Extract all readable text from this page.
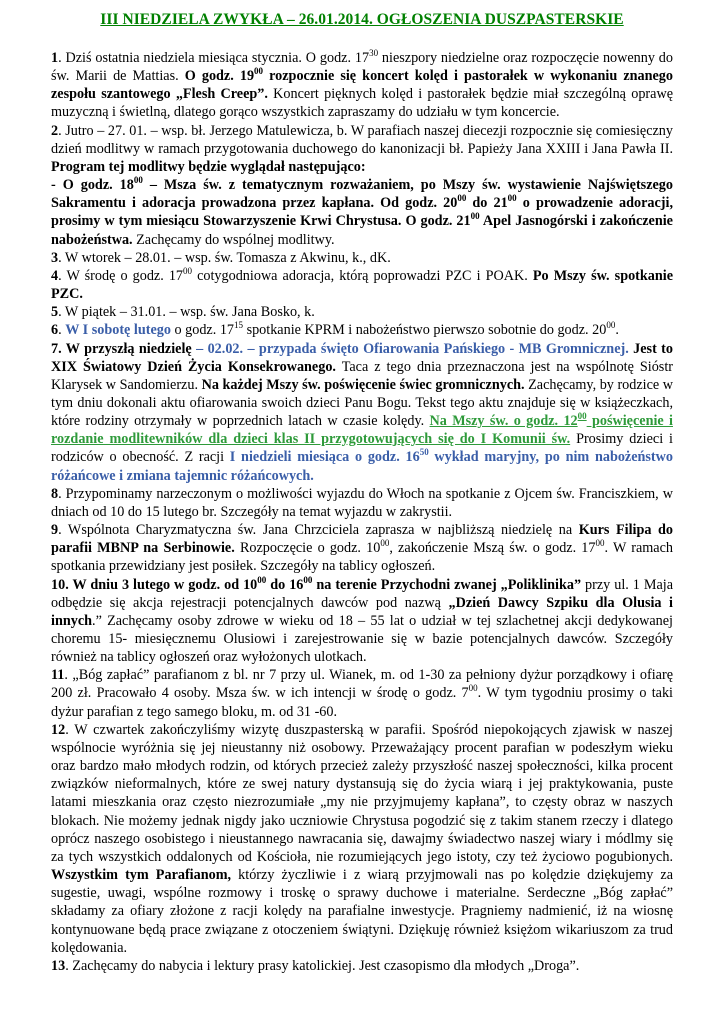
III NIEDZIELA ZWYKŁA – 26.01.2014. OGŁOSZENIA DUSZPASTERSKIE

1. Dziś ostatnia niedziela miesiąca stycznia. O godz. $17^{30}$ nieszpory niedzielne oraz rozpoczęcie nowenny do św. Marii de Mattias. O godz. $19^{00}$ rozpocznie się koncert kolęd i pastorałek w wykonaniu znanego zespołu szantowego „Flesh Creep”. Koncert pięknych kolęd i pastorałek będzie miał szczególną oprawę muzyczną i świetlną, dlatego gorąco wszystkich zapraszamy do udziału w tym koncercie.

2. Jutro – 27. 01. – wsp. bł. Jerzego Matulewicza, b. W parafiach naszej diecezji rozpocznie się comiesięczny dzień modlitwy w ramach przygotowania duchowego do kanonizacji bł. Papieży Jana XXIII i Jana Pawła II. Program tej modlitwy będzie wyglądał następująco:

- O godz. $18^{00}$ – Msza św. z tematycznym rozważaniem, po Mszy św. wystawienie Najświętszego Sakramentu i adoracja prowadzona przez kapłana. Od godz. $20^{00}$ do $21^{00}$ o prowadzenie adoracji, prosimy w tym miesiącu Stowarzyszenie Krwi Chrystusa. O godz. $21^{00}$ Apel Jasnogórski i zakończenie nabożeństwa. Zachęcamy do wspólnej modlitwy.

3. W wtorek – 28.01. – wsp. św. Tomasza z Akwinu, k., dK.

4. W środę o godz. $17^{00}$ cotygodniowa adoracja, którą poprowadzi PZC i POAK. Po Mszy św. spotkanie PZC.

5. W piątek – 31.01. – wsp. św. Jana Bosko, k.

6. W I sobotę lutego o godz. $17^{15}$ spotkanie KPRM i nabożeństwo pierwszo sobotnie do godz. $20^{00}$.

7. W przyszłą niedzielę – 02.02. – przypada święto Ofiarowania Pańskiego - MB Gromnicznej. Jest to XIX Światowy Dzień Życia Konsekrowanego. Taca z tego dnia przeznaczona jest na wspólnotę Sióstr Klarysek w Sandomierzu. Na każdej Mszy św. poświęcenie świec gromnicznych. Zachęcamy, by rodzice w tym dniu dokonali aktu ofiarowania swoich dzieci Panu Bogu. Tekst tego aktu znajduje się w książeczkach, które rodziny otrzymały w poprzednich latach w czasie kolędy. Na Mszy św. o godz. $12^{00}$ poświęcenie i rozdanie modlitewników dla dzieci klas II przygotowujących się do I Komunii św. Prosimy dzieci i rodziców o obecność. Z racji I niedzieli miesiąca o godz. $16^{50}$ wykład maryjny, po nim nabożeństwo różańcowe i zmiana tajemnic różańcowych.

8. Przypominamy narzeczonym o możliwości wyjazdu do Włoch na spotkanie z Ojcem św. Franciszkiem, w dniach od 10 do 15 lutego br. Szczegóły na temat wyjazdu w zakrystii.

9. Wspólnota Charyzmatyczna św. Jana Chrzciciela zaprasza w najbliższą niedzielę na Kurs Filipa do parafii MBNP na Serbinowie. Rozpoczęcie o godz. $10^{00}$, zakończenie Mszą św. o godz. $17^{00}$. W ramach spotkania przewidziany jest posiłek. Szczegóły na tablicy ogłoszeń.

10. W dniu 3 lutego w godz. od $10^{00}$ do $16^{00}$ na terenie Przychodni zwanej „Poliklinika” przy ul. 1 Maja odbędzie się akcja rejestracji potencjalnych dawców pod nazwą „Dzień Dawcy Szpiku dla Olusia i innych.” Zachęcamy osoby zdrowe w wieku od 18 – 55 lat o udział w tej szlachetnej akcji dedykowanej choremu 15- miesięcznemu Olusiowi i zarejestrowanie się w bazie potencjalnych dawców. Szczegóły również na tablicy ogłoszeń oraz wyłożonych ulotkach.

11. „Bóg zapłać” parafianom z bl. nr 7 przy ul. Wianek, m. od 1-30 za pełniony dyżur porządkowy i ofiarę 200 zł. Pracowało 4 osoby. Msza św. w ich intencji w środę o godz. $7^{00}$. W tym tygodniu prosimy o taki dyżur parafian z tego samego bloku, m. od 31 -60.

12. W czwartek zakończyliśmy wizytę duszpasterską w parafii. Spośród niepokojących zjawisk w naszej wspólnocie wyróżnia się jej nieustanny niż osobowy. Przeważający procent parafian w podeszłym wieku oraz bardzo mało młodych rodzin, od których przecież zależy przyszłość naszej społeczności, kilka procent związków nieformalnych, które ze swej natury dystansują się do życia wiarą i jej praktykowania, puste latami mieszkania oraz często niezrozumiałe „my nie przyjmujemy kapłana”, to częsty obraz w naszych blokach. Nie możemy jednak nigdy jako uczniowie Chrystusa pogodzić się z takim stanem rzeczy i dlatego oprócz naszego osobistego i nieustannego nawracania się, dawajmy świadectwo naszej wiary i módlmy się za tych wszystkich oddalonych od Kościoła, nie rozumiejących jego istoty, czy też życiowo pogubionych. Wszystkim tym Parafianom, którzy życzliwie i z wiarą przyjmowali nas po kolędzie dziękujemy za sugestie, uwagi, wspólne rozmowy i troskę o sprawy duchowe i materialne. Serdeczne „Bóg zapłać” składamy za ofiary złożone z racji kolędy na parafialne inwestycje. Pragniemy nadmienić, iż na wiosnę kontynuowane będą prace związane z otoczeniem świątyni. Dziękuję również księżom wikariuszom za trud kolędowania.

13. Zachęcamy do nabycia i lektury prasy katolickiej. Jest czasopismo dla młodych „Droga”.
